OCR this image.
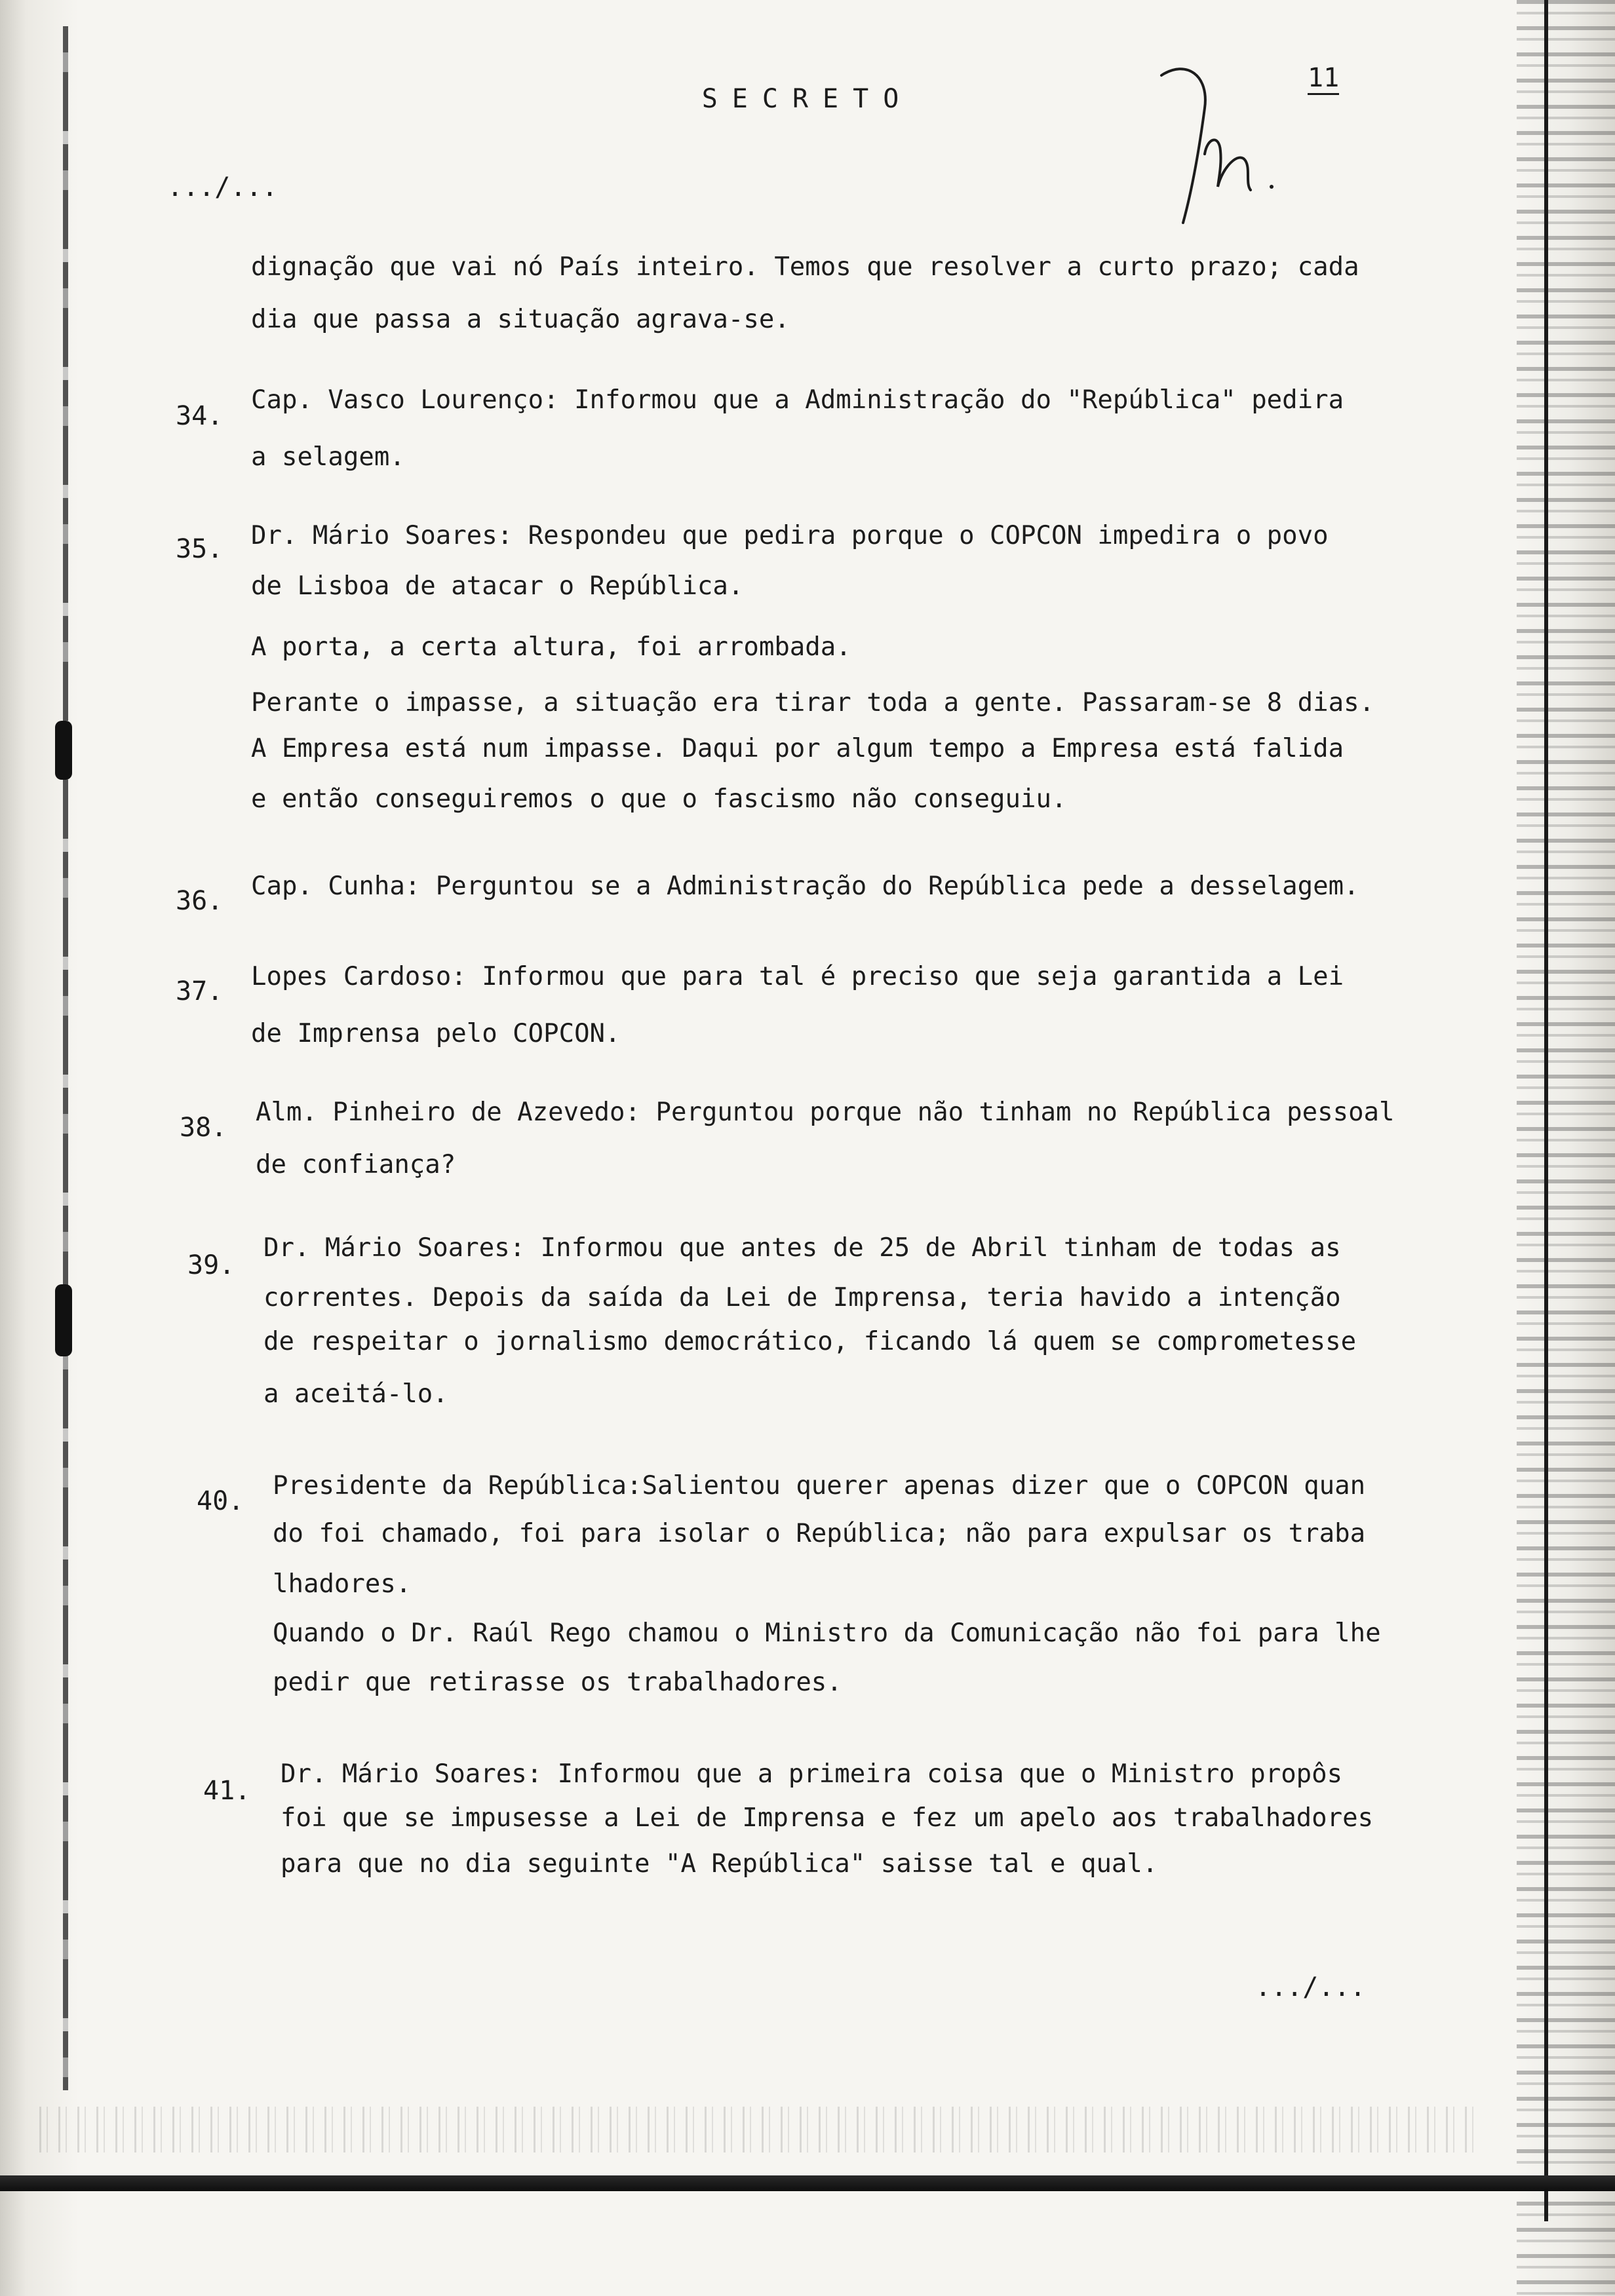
SECRETO
11
.../...
dignação que vai nó País inteiro. Temos que resolver a curto prazo; cada
dia que passa a situação agrava-se.
34.
Cap. Vasco Lourenço: Informou que a Administração do "República" pedira
a selagem.
35. Dr. Mário Soares: Respondeu que pedira porque o COPCON impedira o povo
de Lisboa de atacar o República.
A porta, a certa altura, foi arrombada.
Perante o impasse, a situação era tirar toda a gente. Passaram-se 8 dias.
A Empresa está num impasse. Daqui por algum tempo a Empresa está falida
e então conseguiremos o que o fascismo não conseguiu.
36. Cap. Cunha: Perguntou se a Administração do República pede a desselagem.
37. Lopes Cardoso: Informou que para tal é preciso que seja garantida a Lei
de Imprensa pelo COPCON.
38.
Alm. Pinheiro de Azevedo: Perguntou porque não tinham no República pessoal
de confiança?
39.
Dr. Mário Soares: Informou que antes de 25 de Abril tinham de todas as
correntes. Depois da saída da Lei de Imprensa, teria havido a intenção
de respeitar o jornalismo democrático, ficando lá quem se comprometesse
a aceitá-lo.
40.
Presidente da República:Salientou querer apenas dizer que o COPCON quan
do foi chamado, foi para isolar o República; não para expulsar os traba
lhadores.
Quando o Dr. Raúl Rego chamou o Ministro da Comunicação não foi para lhe
pedir que retirasse os trabalhadores.
41.
Dr. Mário Soares: Informou que a primeira coisa que o Ministro propôs
foi que se impusesse a Lei de Imprensa e fez um apelo aos trabalhadores
para que no dia seguinte "A República" saisse tal e qual.
.../...
